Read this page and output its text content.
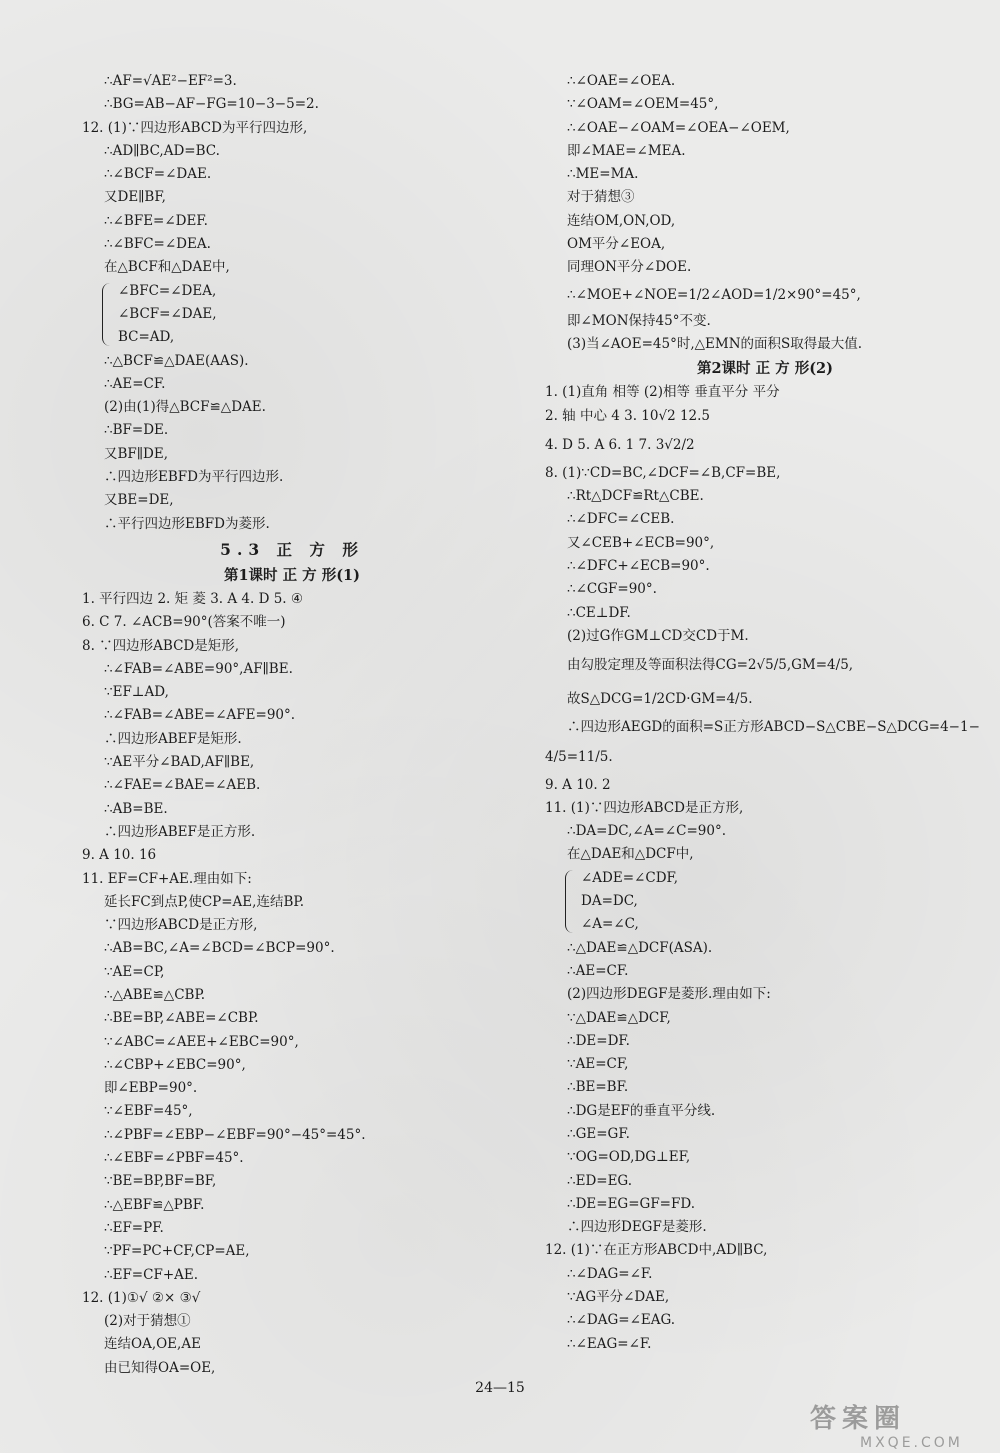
∴AF=√AE²−EF²=3.
∴BG=AB−AF−FG=10−3−5=2.
12. (1)∵四边形ABCD为平行四边形,
∴AD∥BC,AD=BC.
∴∠BCF=∠DAE.
又DE∥BF,
∴∠BFE=∠DEF.
∴∠BFC=∠DEA.
在△BCF和△DAE中,
∠BFC=∠DEA,
∠BCF=∠DAE,
BC=AD,
∴△BCF≌△DAE(AAS).
∴AE=CF.
(2)由(1)得△BCF≌△DAE.
∴BF=DE.
又BF∥DE,
∴四边形EBFD为平行四边形.
又BE=DE,
∴平行四边形EBFD为菱形.
5.3 正 方 形
第1课时 正 方 形(1)
1. 平行四边 2. 矩 菱 3. A 4. D 5. ④
6. C 7. ∠ACB=90°(答案不唯一)
8. ∵四边形ABCD是矩形,
∴∠FAB=∠ABE=90°,AF∥BE.
∵EF⊥AD,
∴∠FAB=∠ABE=∠AFE=90°.
∴四边形ABEF是矩形.
∵AE平分∠BAD,AF∥BE,
∴∠FAE=∠BAE=∠AEB.
∴AB=BE.
∴四边形ABEF是正方形.
9. A 10. 16
11. EF=CF+AE.理由如下:
延长FC到点P,使CP=AE,连结BP.
∵四边形ABCD是正方形,
∴AB=BC,∠A=∠BCD=∠BCP=90°.
∵AE=CP,
∴△ABE≌△CBP.
∴BE=BP,∠ABE=∠CBP.
∵∠ABC=∠AEE+∠EBC=90°,
∴∠CBP+∠EBC=90°,
即∠EBP=90°.
∵∠EBF=45°,
∴∠PBF=∠EBP−∠EBF=90°−45°=45°.
∴∠EBF=∠PBF=45°.
∵BE=BP,BF=BF,
∴△EBF≌△PBF.
∴EF=PF.
∵PF=PC+CF,CP=AE,
∴EF=CF+AE.
12. (1)①√ ②× ③√
(2)对于猜想①
连结OA,OE,AE
由已知得OA=OE,
∴∠OAE=∠OEA.
∵∠OAM=∠OEM=45°,
∴∠OAE−∠OAM=∠OEA−∠OEM,
即∠MAE=∠MEA.
∴ME=MA.
对于猜想③
连结OM,ON,OD,
OM平分∠EOA,
同理ON平分∠DOE.
∴∠MOE+∠NOE=1/2∠AOD=1/2×90°=45°,
即∠MON保持45°不变.
(3)当∠AOE=45°时,△EMN的面积S取得最大值.
第2课时 正 方 形(2)
1. (1)直角 相等 (2)相等 垂直平分 平分
2. 轴 中心 4 3. 10√2 12.5
4. D 5. A 6. 1 7. 3√2/2
8. (1)∵CD=BC,∠DCF=∠B,CF=BE,
∴Rt△DCF≌Rt△CBE.
∴∠DFC=∠CEB.
又∠CEB+∠ECB=90°,
∴∠DFC+∠ECB=90°.
∴∠CGF=90°.
∴CE⊥DF.
(2)过G作GM⊥CD交CD于M.
由勾股定理及等面积法得CG=2√5/5,GM=4/5,
故S△DCG=1/2CD·GM=4/5.
∴四边形AEGD的面积=S正方形ABCD−S△CBE−S△DCG=4−1−
4/5=11/5.
9. A 10. 2
11. (1)∵四边形ABCD是正方形,
∴DA=DC,∠A=∠C=90°.
在△DAE和△DCF中,
∠ADE=∠CDF,
DA=DC,
∠A=∠C,
∴△DAE≌△DCF(ASA).
∴AE=CF.
(2)四边形DEGF是菱形.理由如下:
∵△DAE≌△DCF,
∴DE=DF.
∵AE=CF,
∴BE=BF.
∴DG是EF的垂直平分线.
∴GE=GF.
∵OG=OD,DG⊥EF,
∴ED=EG.
∴DE=EG=GF=FD.
∴四边形DEGF是菱形.
12. (1)∵在正方形ABCD中,AD∥BC,
∴∠DAG=∠F.
∵AG平分∠DAE,
∴∠DAG=∠EAG.
∴∠EAG=∠F.
24—15
答案圈
MXQE.COM
